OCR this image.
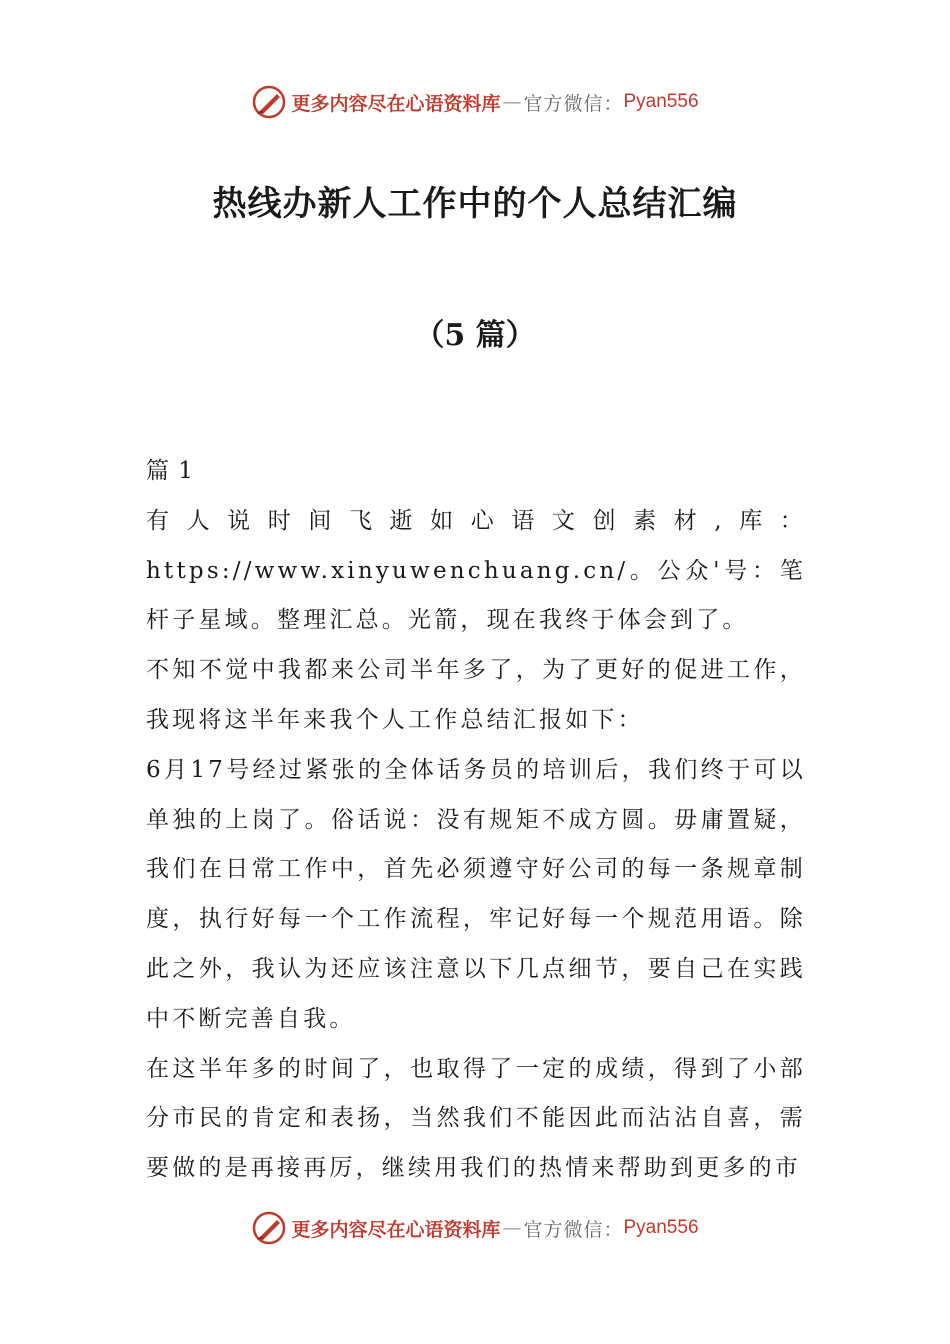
更多内容尽在心语资料库 — 官方微信： Pyan556
热线办新人工作中的个人总结汇编
（5 篇）

篇 1

有人说时间飞逝如心语文创素材,库：https://www.xinyuwenchuang.cn/。公众'号：笔杆子星域。整理汇总。光箭，现在我终于体会到了。

不知不觉中我都来公司半年多了，为了更好的促进工作，我现将这半年来我个人工作总结汇报如下：

6月17号经过紧张的全体话务员的培训后，我们终于可以单独的上岗了。俗话说：没有规矩不成方圆。毋庸置疑，我们在日常工作中，首先必须遵守好公司的每一条规章制度，执行好每一个工作流程，牢记好每一个规范用语。除此之外，我认为还应该注意以下几点细节，要自己在实践中不断完善自我。

在这半年多的时间了，也取得了一定的成绩，得到了小部分市民的肯定和表扬，当然我们不能因此而沾沾自喜，需要做的是再接再厉，继续用我们的热情来帮助到更多的市

更多内容尽在心语资料库 — 官方微信： Pyan556
